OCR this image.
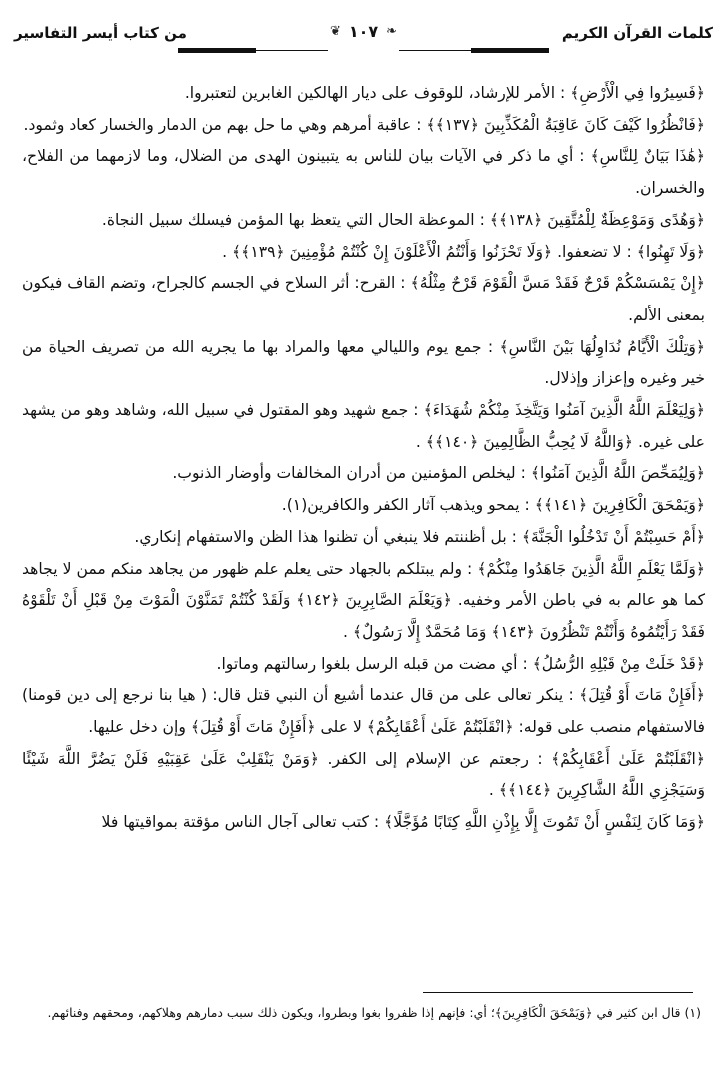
كلمات القرآن الكريم
❦ ١٠٧ ❧
من كتاب أيسر التفاسير

﴿فَسِيرُوا فِي الْأَرْضِ﴾ : الأمر للإرشاد، للوقوف على ديار الهالكين الغابرين لتعتبروا.

﴿فَانْظُرُوا كَيْفَ كَانَ عَاقِبَةُ الْمُكَذِّبِينَ ﴿١٣٧﴾﴾ : عاقبة أمرهم وهي ما حل بهم من الدمار والخسار كعاد وثمود.

﴿هَٰذَا بَيَانٌ لِلنَّاسِ﴾ : أي ما ذكر في الآيات بيان للناس به يتبينون الهدى من الضلال، وما لازمهما من الفلاح، والخسران.

﴿وَهُدًى وَمَوْعِظَةٌ لِلْمُتَّقِينَ ﴿١٣٨﴾﴾ : الموعظة الحال التي يتعظ بها المؤمن فيسلك سبيل النجاة.

﴿وَلَا تَهِنُوا﴾ : لا تضعفوا. ﴿وَلَا تَحْزَنُوا وَأَنْتُمُ الْأَعْلَوْنَ إِنْ كُنْتُمْ مُؤْمِنِينَ ﴿١٣٩﴾﴾ .

﴿إِنْ يَمْسَسْكُمْ قَرْحٌ فَقَدْ مَسَّ الْقَوْمَ قَرْحٌ مِثْلُهُ﴾ : القرح: أثر السلاح في الجسم كالجراح، وتضم القاف فيكون بمعنى الألم.

﴿وَتِلْكَ الْأَيَّامُ نُدَاوِلُهَا بَيْنَ النَّاسِ﴾ : جمع يوم والليالي معها والمراد بها ما يجريه الله من تصريف الحياة من خير وغيره وإعزاز وإذلال.

﴿وَلِيَعْلَمَ اللَّهُ الَّذِينَ آمَنُوا وَيَتَّخِذَ مِنْكُمْ شُهَدَاءَ﴾ : جمع شهيد وهو المقتول في سبيل الله، وشاهد وهو من يشهد على غيره. ﴿وَاللَّهُ لَا يُحِبُّ الظَّالِمِينَ ﴿١٤٠﴾﴾ .

﴿وَلِيُمَحِّصَ اللَّهُ الَّذِينَ آمَنُوا﴾ : ليخلص المؤمنين من أدران المخالفات وأوضار الذنوب.

﴿وَيَمْحَقَ الْكَافِرِينَ ﴿١٤١﴾﴾ : يمحو ويذهب آثار الكفر والكافرين(١).

﴿أَمْ حَسِبْتُمْ أَنْ تَدْخُلُوا الْجَنَّةَ﴾ : بل أظننتم فلا ينبغي أن تظنوا هذا الظن والاستفهام إنكاري.

﴿وَلَمَّا يَعْلَمِ اللَّهُ الَّذِينَ جَاهَدُوا مِنْكُمْ﴾ : ولم يبتلكم بالجهاد حتى يعلم علم ظهور من يجاهد منكم ممن لا يجاهد كما هو عالم به في باطن الأمر وخفيه. ﴿وَيَعْلَمَ الصَّابِرِينَ ﴿١٤٢﴾ وَلَقَدْ كُنْتُمْ تَمَنَّوْنَ الْمَوْتَ مِنْ قَبْلِ أَنْ تَلْقَوْهُ فَقَدْ رَأَيْتُمُوهُ وَأَنْتُمْ تَنْظُرُونَ ﴿١٤٣﴾ وَمَا مُحَمَّدٌ إِلَّا رَسُولٌ﴾ .

﴿قَدْ خَلَتْ مِنْ قَبْلِهِ الرُّسُلُ﴾ : أي مضت من قبله الرسل بلغوا رسالتهم وماتوا.

﴿أَفَإِنْ مَاتَ أَوْ قُتِلَ﴾ : ينكر تعالى على من قال عندما أشيع أن النبي قتل قال: ( هيا بنا نرجع إلى دين قومنا) فالاستفهام منصب على قوله: ﴿انْقَلَبْتُمْ عَلَىٰ أَعْقَابِكُمْ﴾ لا على ﴿أَفَإِنْ مَاتَ أَوْ قُتِلَ﴾ وإن دخل عليها.

﴿انْقَلَبْتُمْ عَلَىٰ أَعْقَابِكُمْ﴾ : رجعتم عن الإسلام إلى الكفر. ﴿وَمَنْ يَنْقَلِبْ عَلَىٰ عَقِبَيْهِ فَلَنْ يَضُرَّ اللَّهَ شَيْئًا وَسَيَجْزِي اللَّهُ الشَّاكِرِينَ ﴿١٤٤﴾﴾ .

﴿وَمَا كَانَ لِنَفْسٍ أَنْ تَمُوتَ إِلَّا بِإِذْنِ اللَّهِ كِتَابًا مُؤَجَّلًا﴾ : كتب تعالى آجال الناس مؤقتة بمواقيتها فلا

(١) قال ابن كثير في ﴿وَيَمْحَقَ الْكَافِرِينَ﴾؛ أي: فإنهم إذا ظفروا بغوا وبطروا، ويكون ذلك سبب دمارهم وهلاكهم، ومحقهم وفنائهم.
